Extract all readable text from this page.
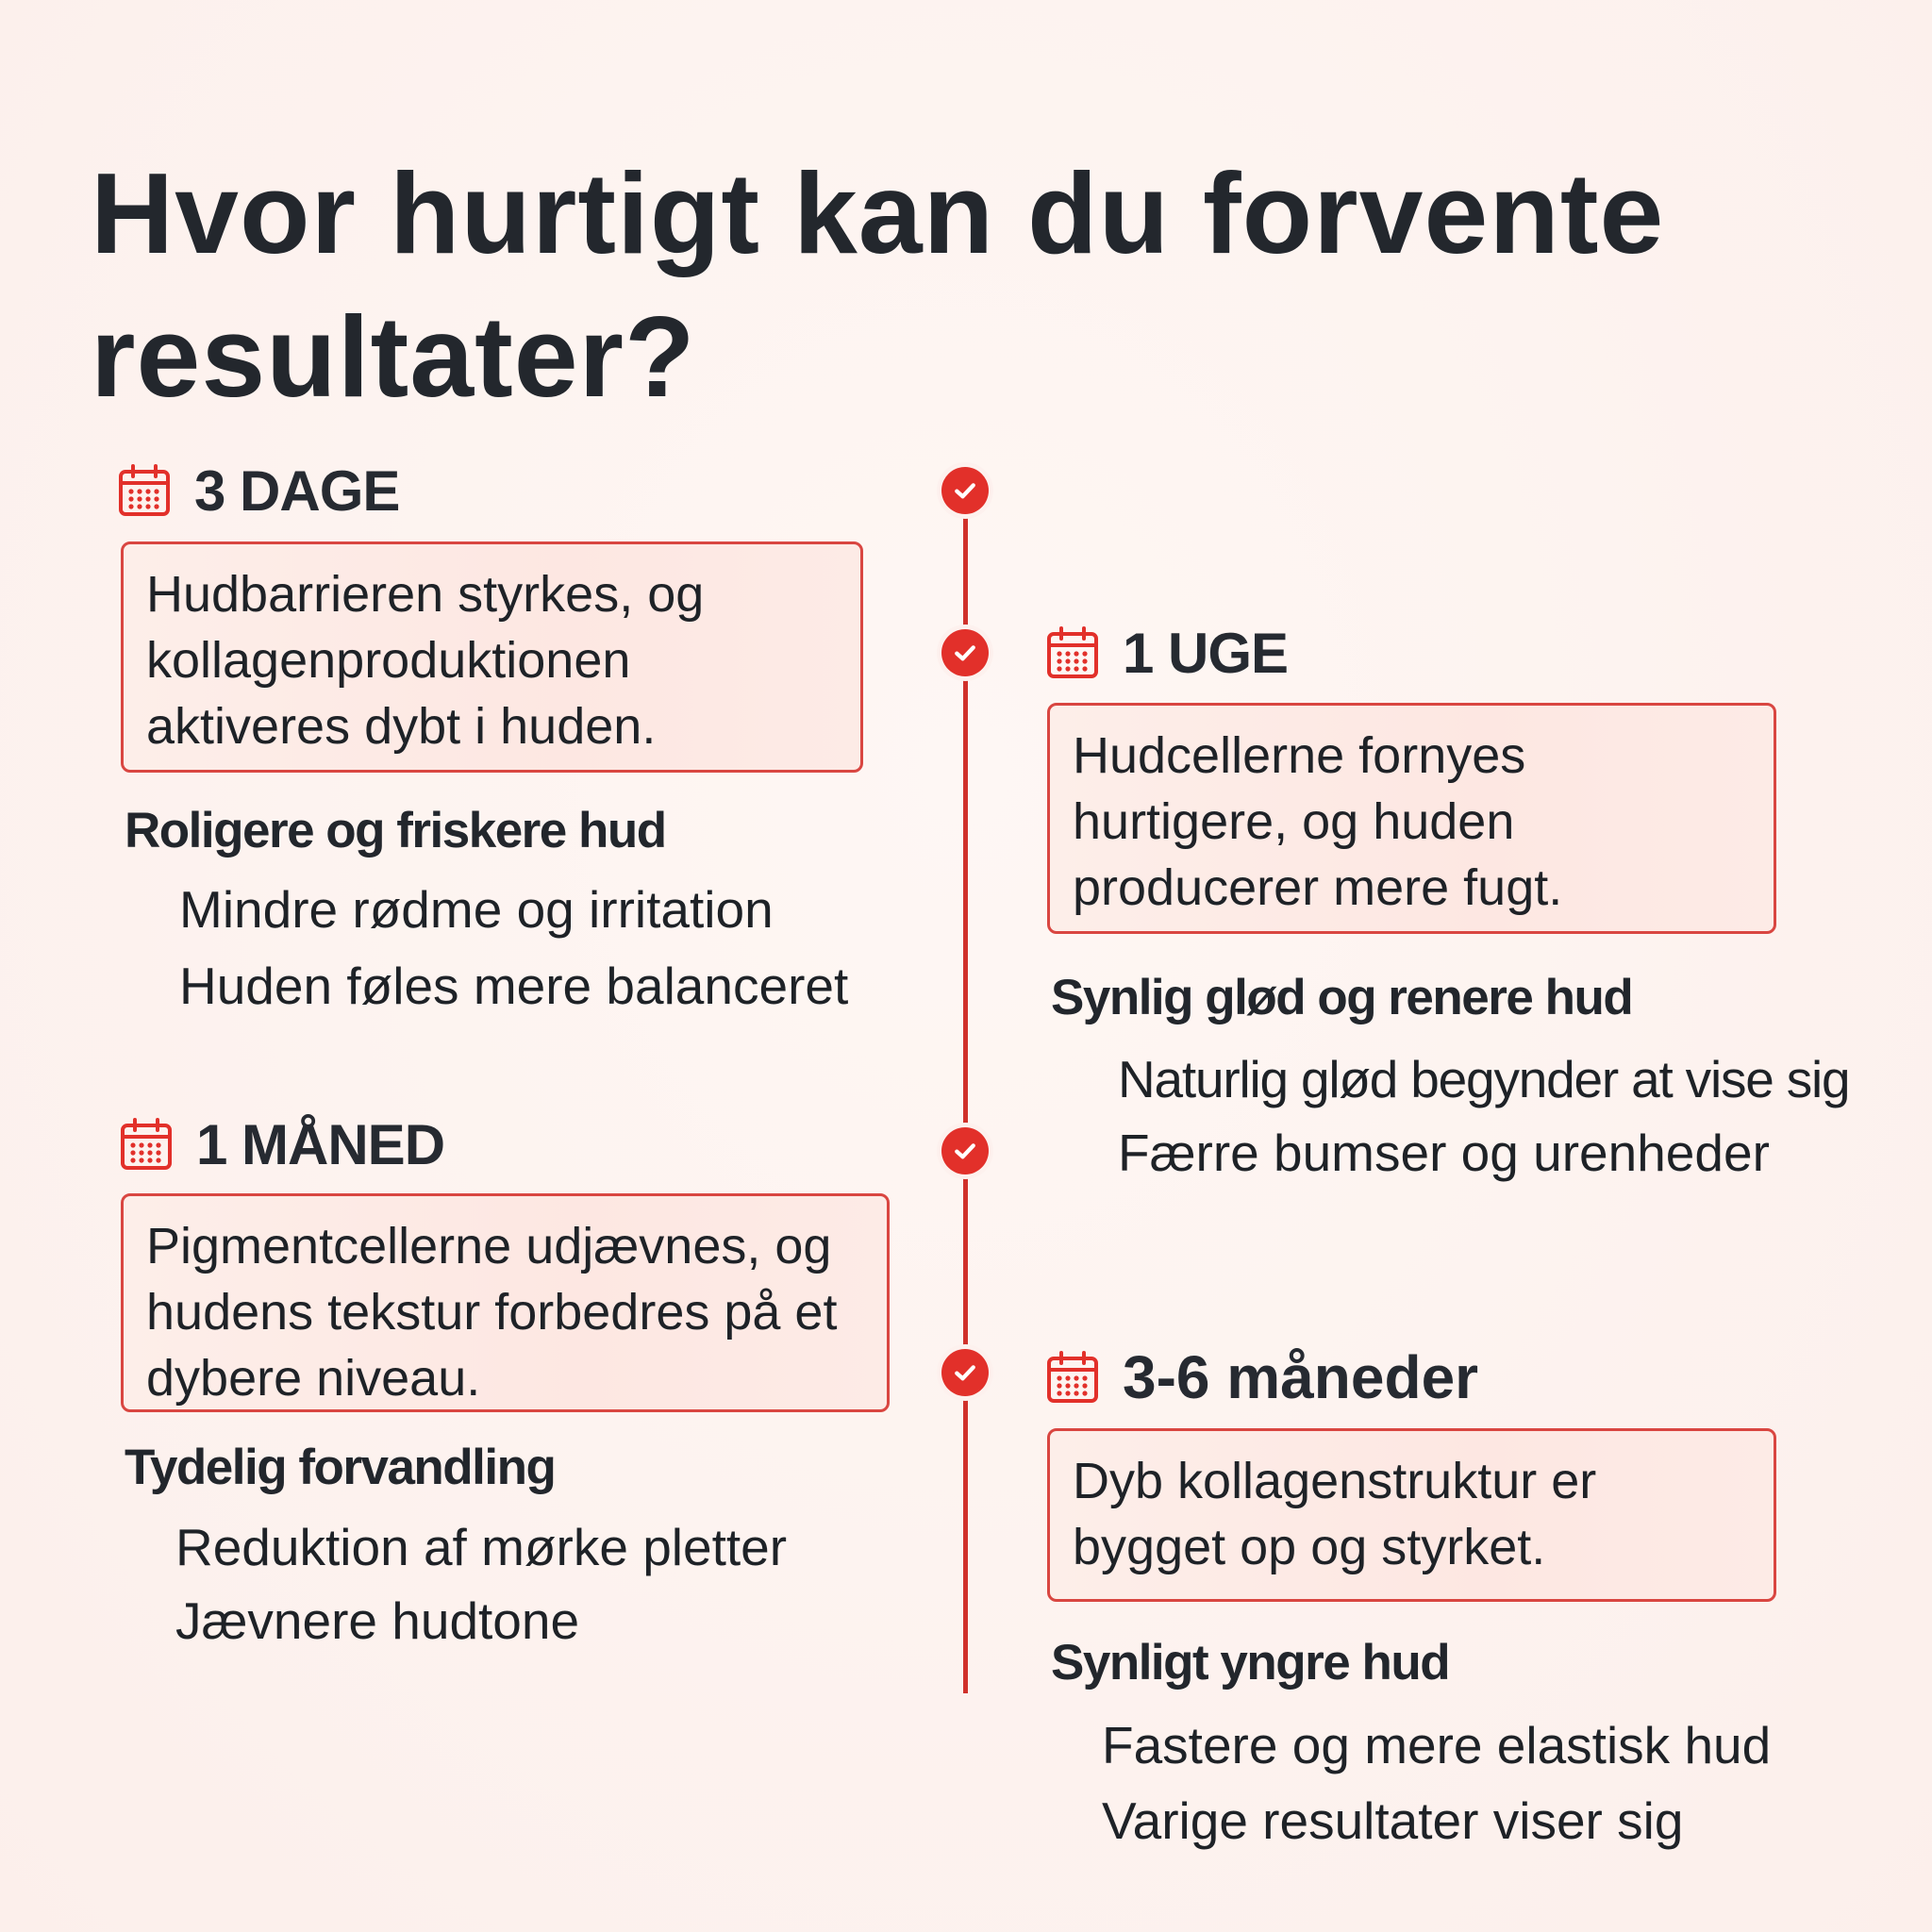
Hvor hurtigt kan du forvente resultater?
3 DAGE
Hudbarrieren styrkes, og kollagenproduktionen aktiveres dybt i huden.
Roligere og friskere hud
Mindre rødme og irritation
Huden føles mere balanceret
1 UGE
Hudcellerne fornyes hurtigere, og huden producerer mere fugt.
Synlig glød og renere hud
Naturlig glød begynder at vise sig
Færre bumser og urenheder
1 MÅNED
Pigmentcellerne udjævnes, og hudens tekstur forbedres på et dybere niveau.
Tydelig forvandling
Reduktion af mørke pletter
Jævnere hudtone
3-6 måneder
Dyb kollagenstruktur er bygget op og styrket.
Synligt yngre hud
Fastere og mere elastisk hud
Varige resultater viser sig
